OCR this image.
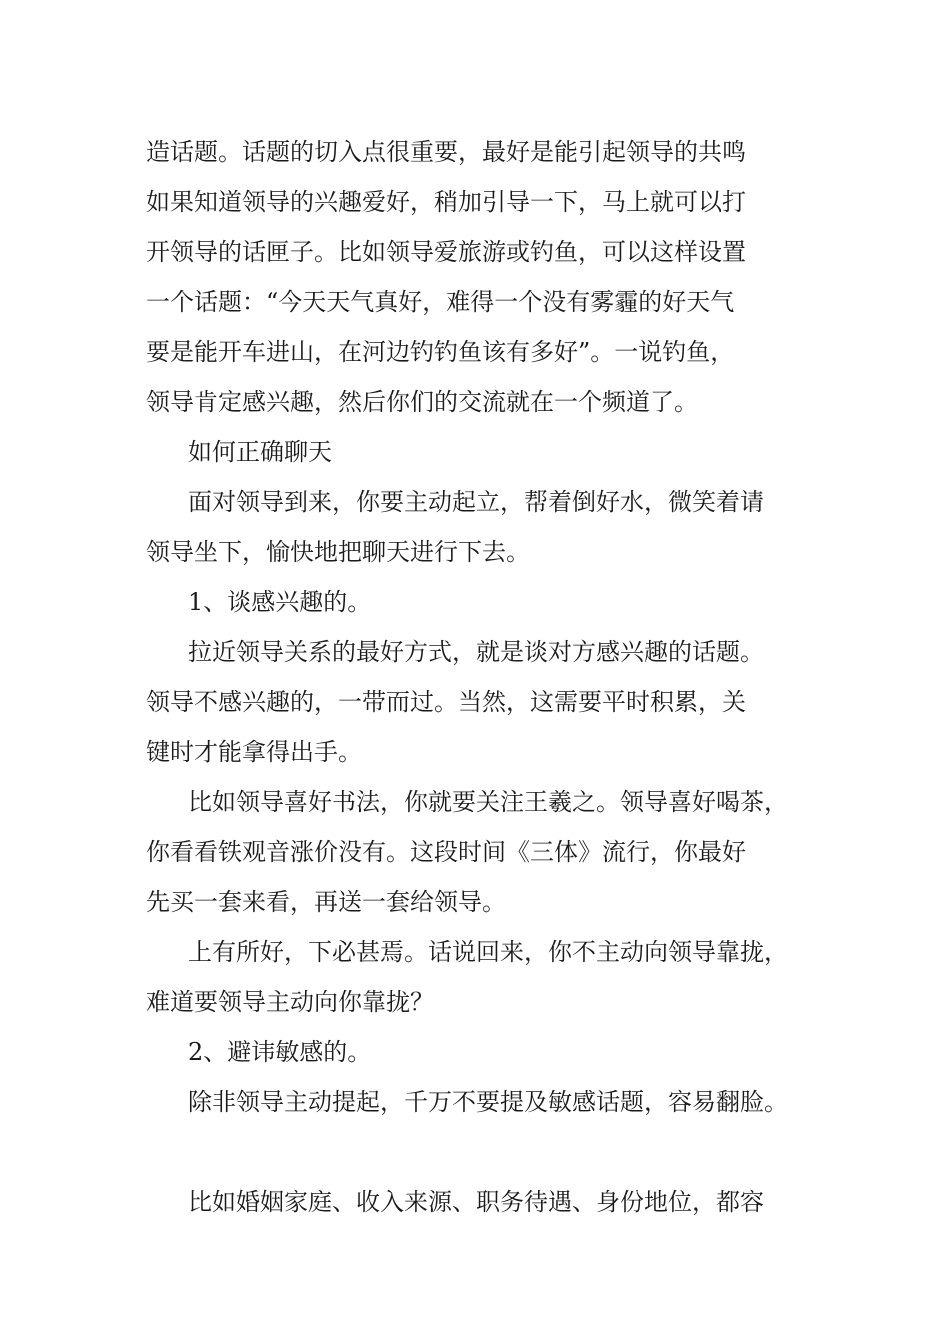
造话题。话题的切入点很重要，最好是能引起领导的共鸣
如果知道领导的兴趣爱好，稍加引导一下，马上就可以打
开领导的话匣子。比如领导爱旅游或钓鱼，可以这样设置
一个话题：“今天天气真好，难得一个没有雾霾的好天气
要是能开车进山，在河边钓钓鱼该有多好”。一说钓鱼，
领导肯定感兴趣，然后你们的交流就在一个频道了。
如何正确聊天
面对领导到来，你要主动起立，帮着倒好水，微笑着请
领导坐下，愉快地把聊天进行下去。
1、谈感兴趣的。
拉近领导关系的最好方式，就是谈对方感兴趣的话题。
领导不感兴趣的，一带而过。当然，这需要平时积累，关
键时才能拿得出手。
比如领导喜好书法，你就要关注王羲之。领导喜好喝茶，
你看看铁观音涨价没有。这段时间《三体》流行，你最好
先买一套来看，再送一套给领导。
上有所好，下必甚焉。话说回来，你不主动向领导靠拢，
难道要领导主动向你靠拢？
2、避讳敏感的。
除非领导主动提起，千万不要提及敏感话题，容易翻脸。
比如婚姻家庭、收入来源、职务待遇、身份地位，都容
